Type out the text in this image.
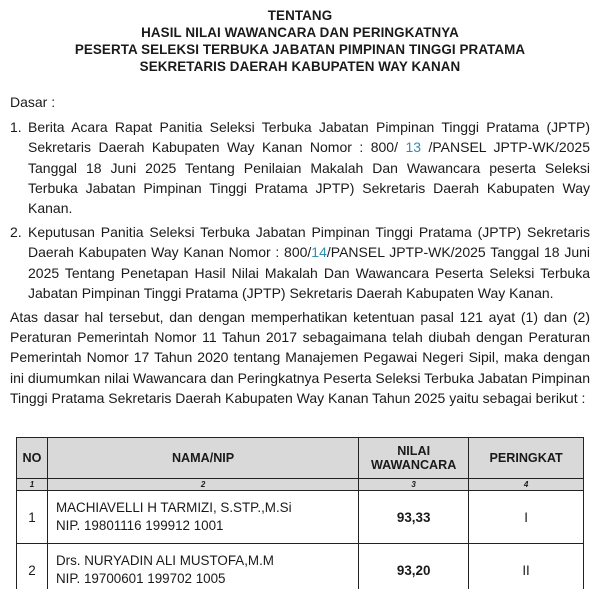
TENTANG
HASIL NILAI WAWANCARA DAN PERINGKATNYA
PESERTA SELEKSI TERBUKA JABATAN PIMPINAN TINGGI PRATAMA
SEKRETARIS DAERAH KABUPATEN WAY KANAN
Dasar :
1. Berita Acara Rapat Panitia Seleksi Terbuka Jabatan Pimpinan Tinggi Pratama (JPTP) Sekretaris Daerah Kabupaten Way Kanan Nomor : 800/ 13 /PANSEL JPTP-WK/2025 Tanggal 18 Juni 2025 Tentang Penilaian Makalah Dan Wawancara peserta Seleksi Terbuka Jabatan Pimpinan Tinggi Pratama JPTP) Sekretaris Daerah Kabupaten Way Kanan.
2. Keputusan Panitia Seleksi Terbuka Jabatan Pimpinan Tinggi Pratama (JPTP) Sekretaris Daerah Kabupaten Way Kanan Nomor : 800/14/PANSEL JPTP-WK/2025 Tanggal 18 Juni 2025 Tentang Penetapan Hasil Nilai Makalah Dan Wawancara Peserta Seleksi Terbuka Jabatan Pimpinan Tinggi Pratama (JPTP) Sekretaris Daerah Kabupaten Way Kanan.
Atas dasar hal tersebut, dan dengan memperhatikan ketentuan pasal 121 ayat (1) dan (2) Peraturan Pemerintah Nomor 11 Tahun 2017 sebagaimana telah diubah dengan Peraturan Pemerintah Nomor 17 Tahun 2020 tentang Manajemen Pegawai Negeri Sipil, maka dengan ini diumumkan nilai Wawancara dan Peringkatnya Peserta Seleksi Terbuka Jabatan Pimpinan Tinggi Pratama Sekretaris Daerah Kabupaten Way Kanan Tahun 2025 yaitu sebagai berikut :
NO	NAMA/NIP	NILAI
WAWANCARA	PERINGKAT
1	2	3	4
1	MACHIAVELLI H TARMIZI, S.STP.,M.Si
NIP. 19801116 199912 1001	93,33	I
2	Drs. NURYADIN ALI MUSTOFA,M.M
NIP. 19700601 199702 1005	93,20	II
